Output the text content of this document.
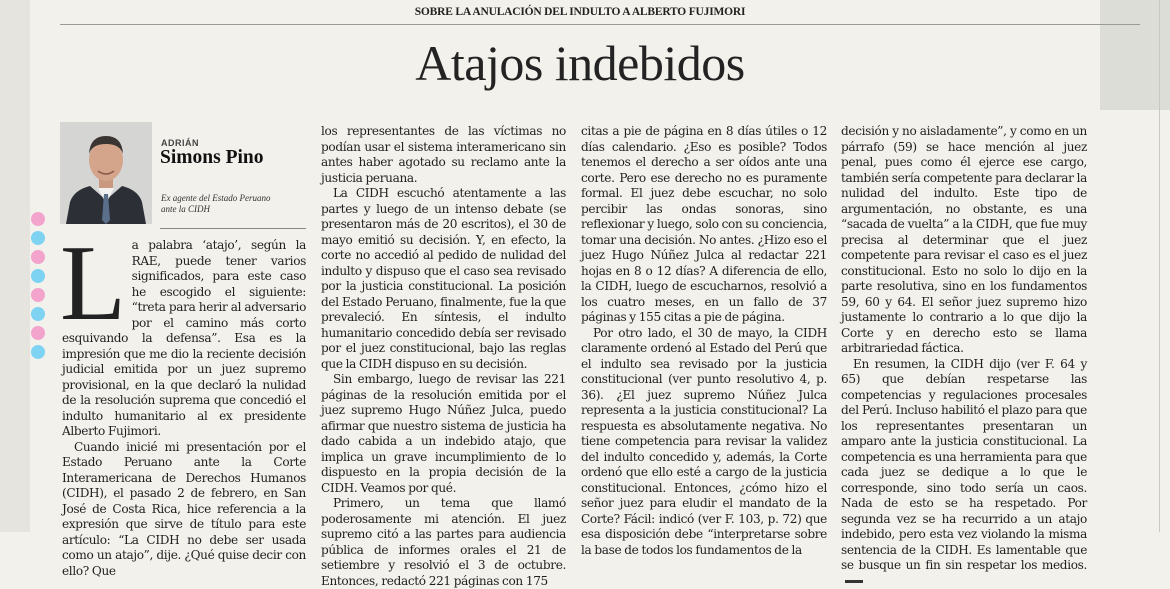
SOBRE LA ANULACIÓN DEL INDULTO A ALBERTO FUJIMORI
Atajos indebidos
ADRIÁN
Simons Pino
Ex agente del Estado Peruano ante la CIDH

La palabra ‘atajo’, según la RAE, puede tener varios significados, para este caso he escogido el siguiente: “treta para herir al adversario por el camino más corto esquivando la defensa”. Esa es la impresión que me dio la reciente decisión judicial emitida por un juez supremo provisional, en la que declaró la nulidad de la resolución suprema que concedió el indulto humanitario al ex presidente Alberto Fujimori.

Cuando inicié mi presentación por el Estado Peruano ante la Corte Interamericana de Derechos Humanos (CIDH), el pasado 2 de febrero, en San José de Costa Rica, hice referencia a la expresión que sirve de título para este artículo: “La CIDH no debe ser usada como un atajo”, dije. ¿Qué quise decir con ello? Que

los representantes de las víctimas no podían usar el sistema interamericano sin antes haber agotado su reclamo ante la justicia peruana.

La CIDH escuchó atentamente a las partes y luego de un intenso debate (se presentaron más de 20 escritos), el 30 de mayo emitió su decisión. Y, en efecto, la corte no accedió al pedido de nulidad del indulto y dispuso que el caso sea revisado por la justicia constitucional. La posición del Estado Peruano, finalmente, fue la que prevaleció. En síntesis, el indulto humanitario concedido debía ser revisado por el juez constitucional, bajo las reglas que la CIDH dispuso en su decisión.

Sin embargo, luego de revisar las 221 páginas de la resolución emitida por el juez supremo Hugo Núñez Julca, puedo afirmar que nuestro sistema de justicia ha dado cabida a un indebido atajo, que implica un grave incumplimiento de lo dispuesto en la propia decisión de la CIDH. Veamos por qué.

Primero, un tema que llamó poderosamente mi atención. El juez supremo citó a las partes para audiencia pública de informes orales el 21 de setiembre y resolvió el 3 de octubre. Entonces, redactó 221 páginas con 175

citas a pie de página en 8 días útiles o 12 días calendario. ¿Eso es posible? Todos tenemos el derecho a ser oídos ante una corte. Pero ese derecho no es puramente formal. El juez debe escuchar, no solo percibir las ondas sonoras, sino reflexionar y luego, solo con su conciencia, tomar una decisión. No antes. ¿Hizo eso el juez Hugo Núñez Julca al redactar 221 hojas en 8 o 12 días? A diferencia de ello, la CIDH, luego de escucharnos, resolvió a los cuatro meses, en un fallo de 37 páginas y 155 citas a pie de página.

Por otro lado, el 30 de mayo, la CIDH claramente ordenó al Estado del Perú que el indulto sea revisado por la justicia constitucional (ver punto resolutivo 4, p. 36). ¿El juez supremo Núñez Julca representa a la justicia constitucional? La respuesta es absolutamente negativa. No tiene competencia para revisar la validez del indulto concedido y, además, la Corte ordenó que ello esté a cargo de la justicia constitucional. Entonces, ¿cómo hizo el señor juez para eludir el mandato de la Corte? Fácil: indicó (ver F. 103, p. 72) que esa disposición debe “interpretarse sobre la base de todos los fundamentos de la

decisión y no aisladamente”, y como en un párrafo (59) se hace mención al juez penal, pues como él ejerce ese cargo, también sería competente para declarar la nulidad del indulto. Este tipo de argumentación, no obstante, es una “sacada de vuelta” a la CIDH, que fue muy precisa al determinar que el juez competente para revisar el caso es el juez constitucional. Esto no solo lo dijo en la parte resolutiva, sino en los fundamentos 59, 60 y 64. El señor juez supremo hizo justamente lo contrario a lo que dijo la Corte y en derecho esto se llama arbitrariedad fáctica.

En resumen, la CIDH dijo (ver F. 64 y 65) que debían respetarse las competencias y regulaciones procesales del Perú. Incluso habilitó el plazo para que los representantes presentaran un amparo ante la justicia constitucional. La competencia es una herramienta para que cada juez se dedique a lo que le corresponde, sino todo sería un caos. Nada de esto se ha respetado. Por segunda vez se ha recurrido a un atajo indebido, pero esta vez violando la misma sentencia de la CIDH. Es lamentable que se busque un fin sin respetar los medios.
